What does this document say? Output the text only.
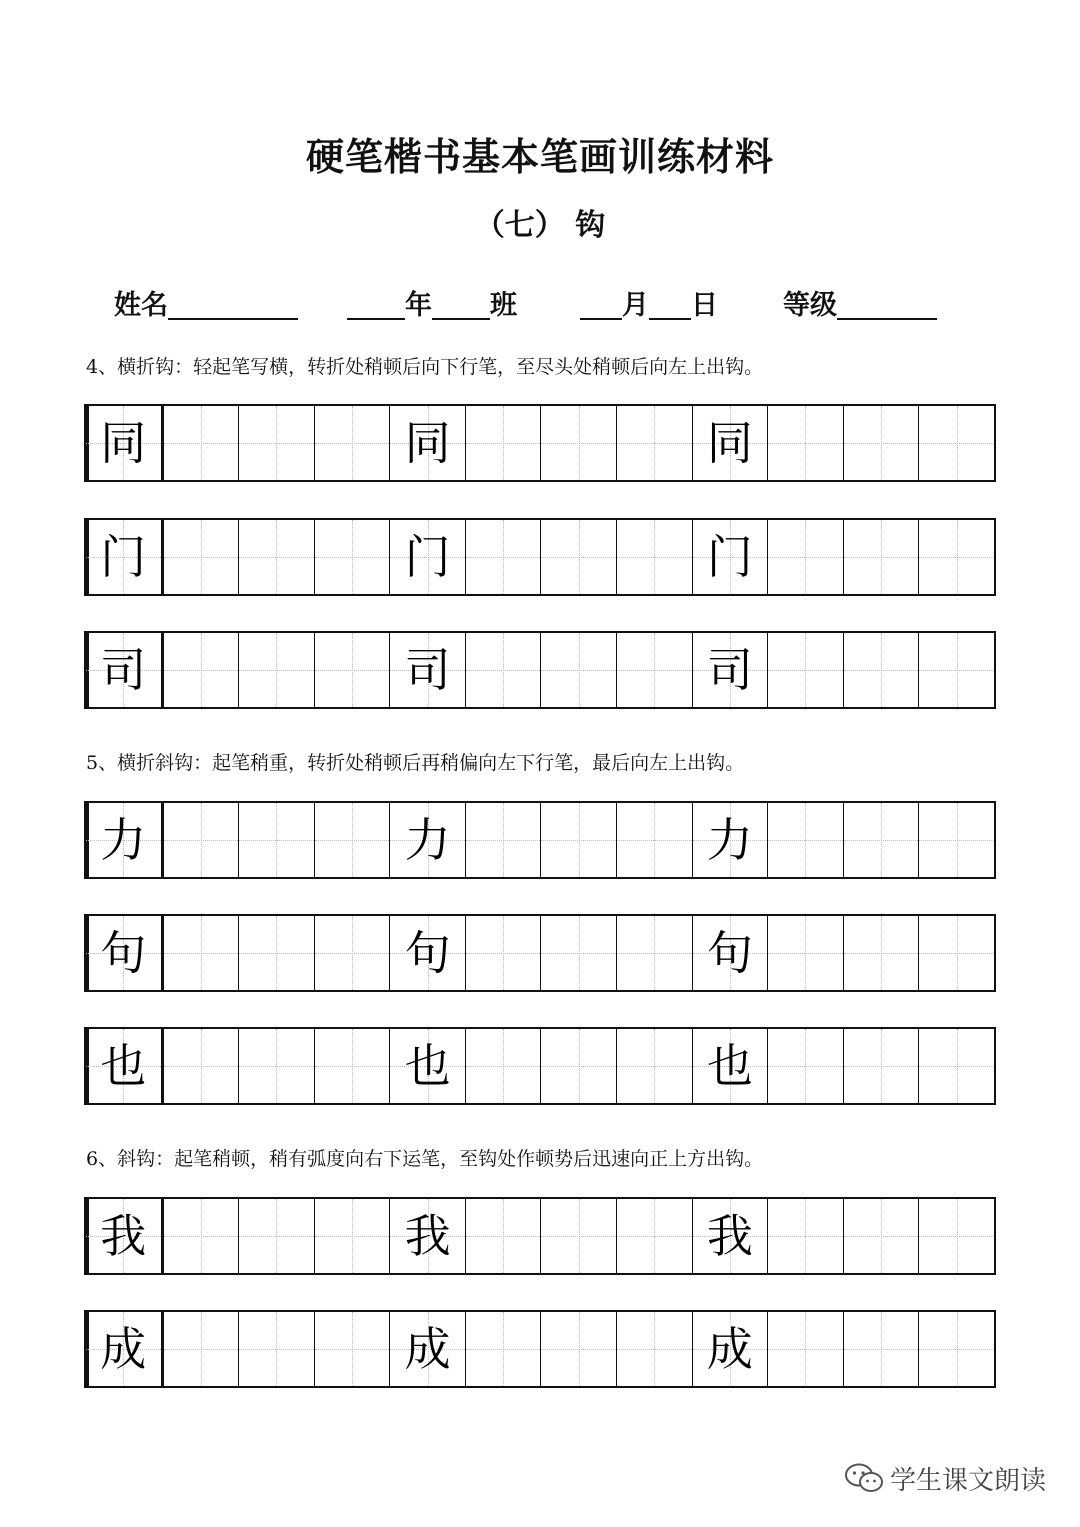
硬笔楷书基本笔画训练材料
（七） 钩
姓名	年 班	月 日 等级
4、横折钩：轻起笔写横，转折处稍顿后向下行笔，至尽头处稍顿后向左上出钩。
同	同	同
门	门	门
司	司	司
5、横折斜钩：起笔稍重，转折处稍顿后再稍偏向左下行笔，最后向左上出钩。
力	力	力
句	句	句
也	也	也
6、斜钩：起笔稍顿，稍有弧度向右下运笔，至钩处作顿势后迅速向正上方出钩。
我	我	我
成	成	成
学生课文朗读
